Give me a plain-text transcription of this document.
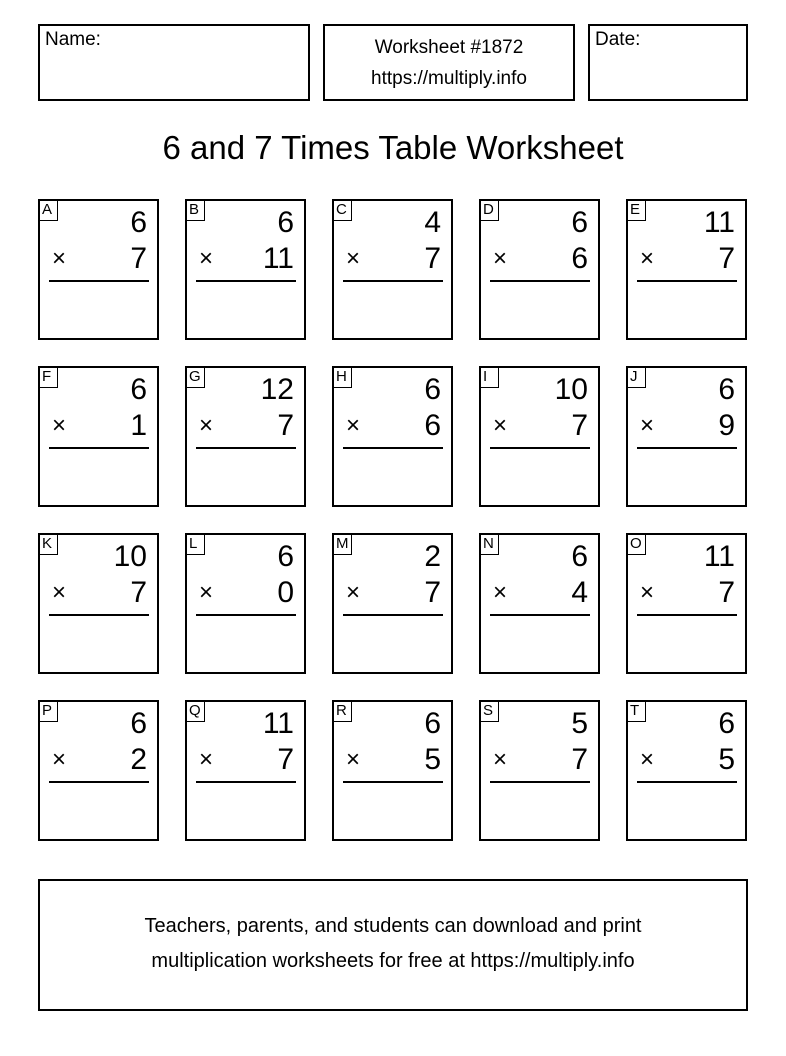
Name:	Worksheet #1872
https://multiply.info
Date:
6 and 7 Times Table Worksheet
A	6
× 7
B	6
× 11
C	4
× 7
D	6
× 6
E 11
× 7
F	6
× 1
G 12
× 7
H	6
× 6
I	10
× 7
J	6
× 9
K 10
× 7
L	6
× 0
M	2
× 7
N	6
× 4
O 11
× 7
P	6
× 2
Q 11
× 7
R	6
× 5
S	5
× 7
T	6
× 5
Teachers, parents, and students can download and print
multiplication worksheets for free at https://multiply.info
